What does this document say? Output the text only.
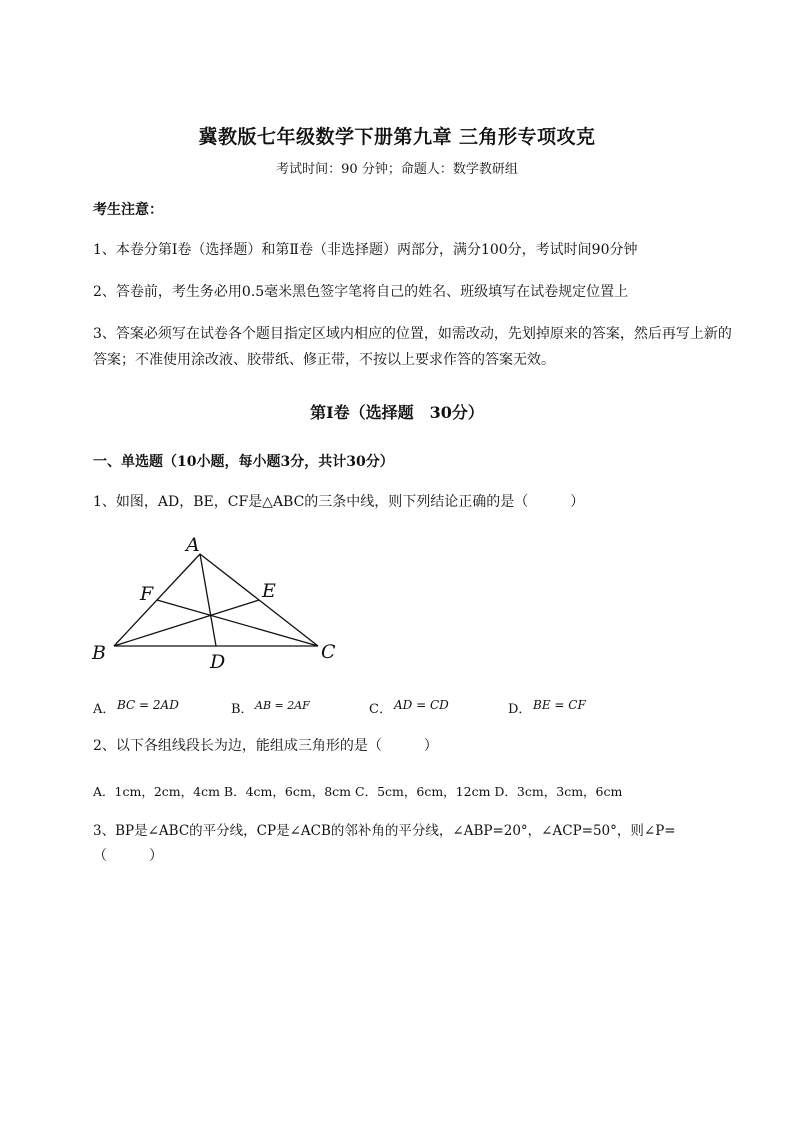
冀教版七年级数学下册第九章 三角形专项攻克
考试时间：90 分钟；命题人：数学教研组
考生注意：
1、本卷分第Ⅰ卷（选择题）和第Ⅱ卷（非选择题）两部分，满分100分，考试时间90分钟
2、答卷前，考生务必用0.5毫米黑色签字笔将自己的姓名、班级填写在试卷规定位置上
3、答案必须写在试卷各个题目指定区域内相应的位置，如需改动，先划掉原来的答案，然后再写上新的答案；不准使用涂改液、胶带纸、修正带，不按以上要求作答的答案无效。
第Ⅰ卷（选择题　30分）
一、单选题（10小题，每小题3分，共计30分）
1、如图，AD，BE，CF是△ABC的三条中线，则下列结论正确的是（　　　）
A
B	C
D
E
F
A． BC = 2AD	B． AB = 2AF	C． AD = CD	D． BE = CF
2、以下各组线段长为边，能组成三角形的是（　　　）
A．1cm，2cm，4cm B．4cm，6cm，8cm C．5cm，6cm，12cm D．3cm，3cm，6cm
3、BP是∠ABC的平分线，CP是∠ACB的邻补角的平分线，∠ABP=20°，∠ACP=50°，则∠P=
（　　　）
